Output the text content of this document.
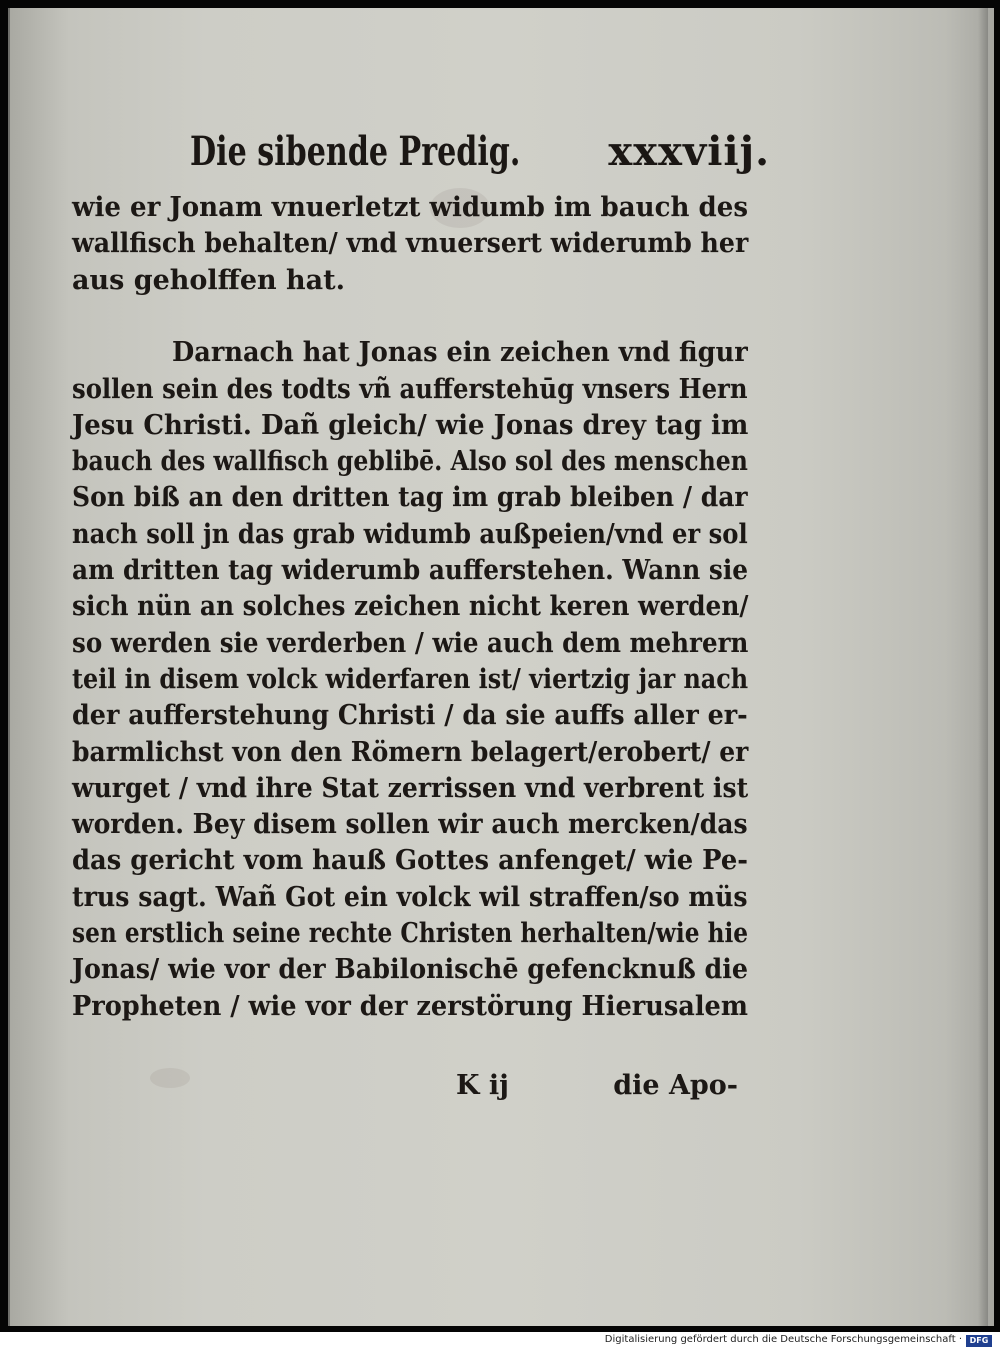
Die sibende Predig. xxxviij.
wie er Jonam vnuerletzt widumb im bauch des
wallfisch behalten/ vnd vnuersert widerumb her
aus geholffen hat.
Darnach hat Jonas ein zeichen vnd figur
sollen sein des todts vñ aufferstehūg vnsers Hern
Jesu Christi. Dañ gleich/ wie Jonas drey tag im
bauch des wallfisch geblibē. Also sol des menschen
Son biß an den dritten tag im grab bleiben / dar
nach soll jn das grab widumb außpeien/vnd er sol
am dritten tag widerumb aufferstehen. Wann sie
sich nün an solches zeichen nicht keren werden/
so werden sie verderben / wie auch dem mehrern
teil in disem volck widerfaren ist/ viertzig jar nach
der aufferstehung Christi / da sie auffs aller er-
barmlichst von den Römern belagert/erobert/ er
wurget / vnd ihre Stat zerrissen vnd verbrent ist
worden. Bey disem sollen wir auch mercken/das
das gericht vom hauß Gottes anfenget/ wie Pe-
trus sagt. Wañ Got ein volck wil straffen/so müs
sen erstlich seine rechte Christen herhalten/wie hie
Jonas/ wie vor der Babilonischē gefencknuß die
Propheten / wie vor der zerstörung Hierusalem
K ij	die Apo-
Digitalisierung gefördert durch die Deutsche Forschungsgemeinschaft · DFG
